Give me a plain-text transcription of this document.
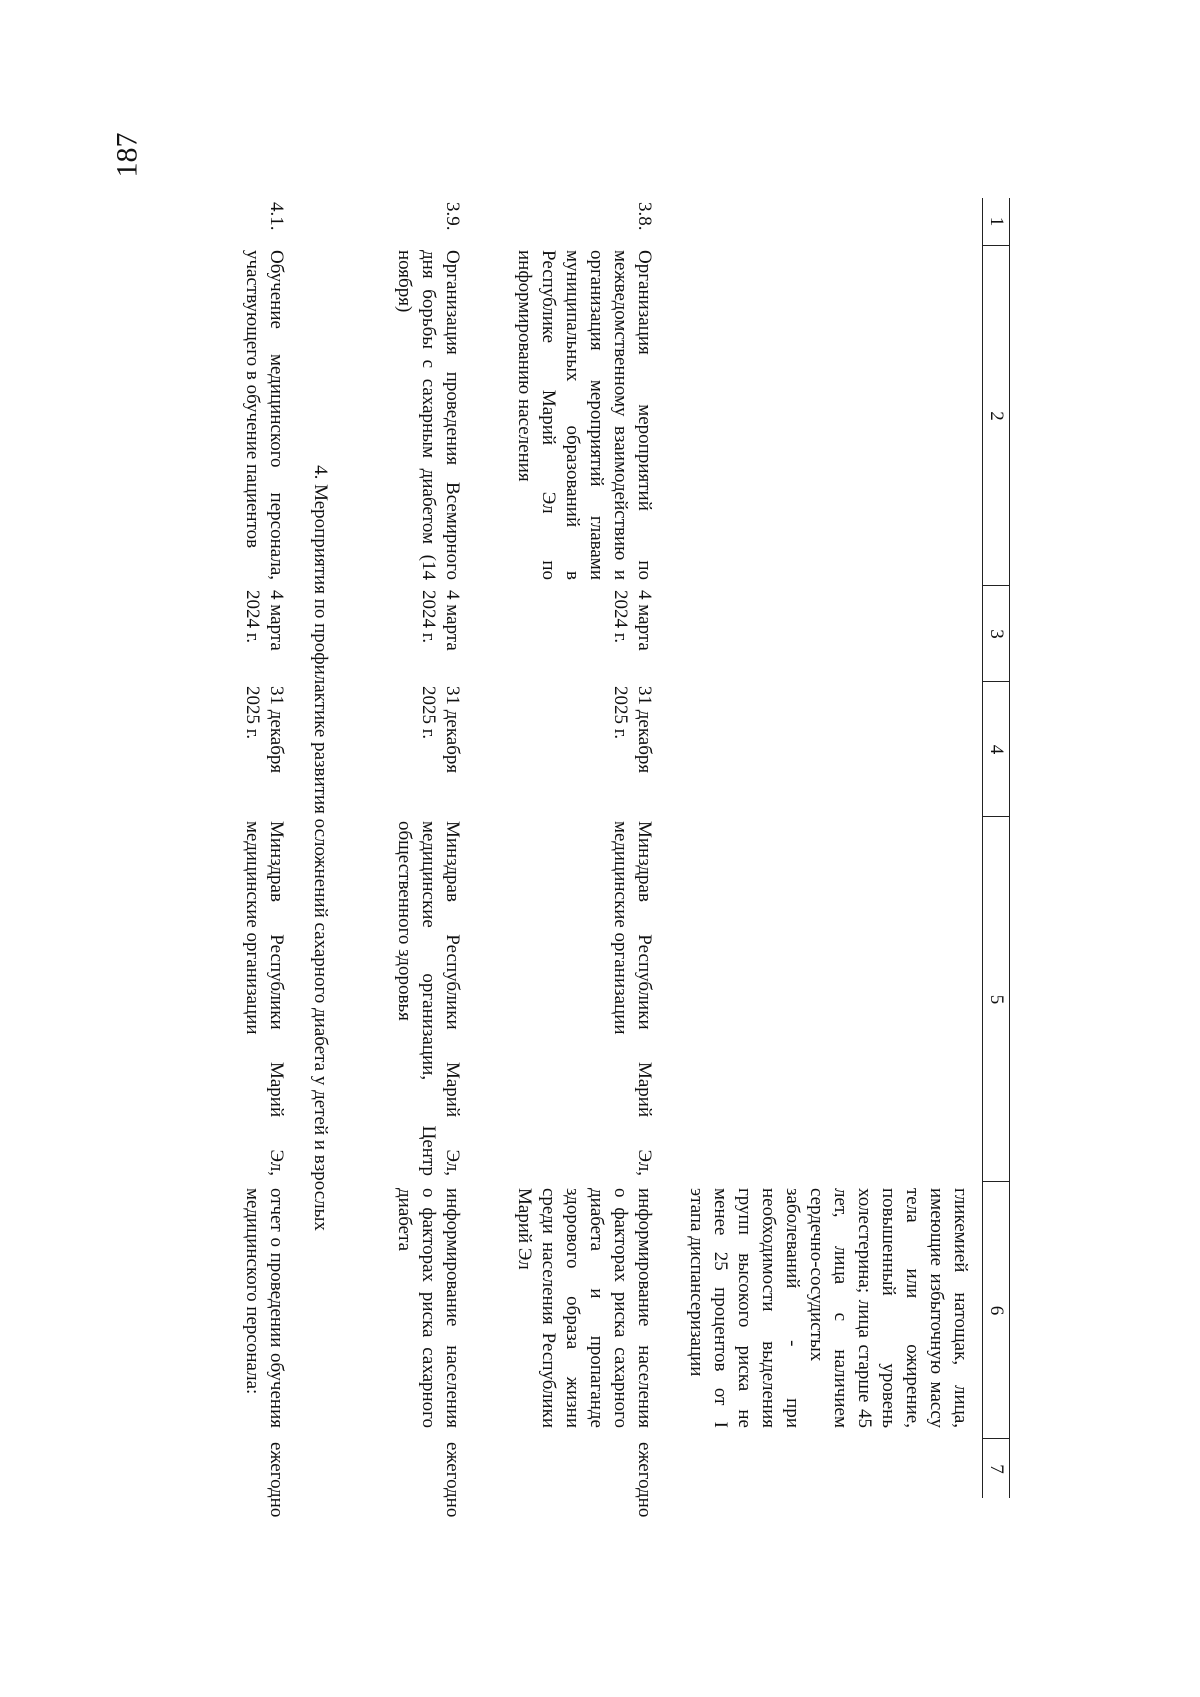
187
1
2
3
4
5
6
7
гликемией натощак, лица, имеющие избыточную массу тела или ожирение, повышенный уровень холестерина; лица старше 45 лет, лица с наличием сердечно-сосудистых заболеваний - при необходимости выделения групп высокого риска не менее 25 процентов от I этапа диспансеризации
3.8.
Организация мероприятий по межведомственному взаимодействию и организация мероприятий главами муниципальных образований в Республике Марий Эл по информированию населения
4 марта 2024 г.
31 декабря 2025 г.
Минздрав Республики Марий Эл, медицинские организации
информирование населения о факторах риска сахарного диабета и пропаганде здорового образа жизни среди населения Республики Марий Эл
ежегодно
3.9.
Организация проведения Всемирного дня борьбы с сахарным диабетом (14 ноября)
4 марта 2024 г.
31 декабря 2025 г.
Минздрав Республики Марий Эл, медицинские организации, Центр общественного здоровья
информирование населения о факторах риска сахарного диабета
ежегодно
4. Мероприятия по профилактике развития осложнений сахарного диабета у детей и взрослых
4.1.
Обучение медицинского персонала, участвующего в обучение пациентов
4 марта 2024 г.
31 декабря 2025 г.
Минздрав Республики Марий Эл, медицинские организации
отчет о проведении обучения медицинского персонала:
ежегодно
